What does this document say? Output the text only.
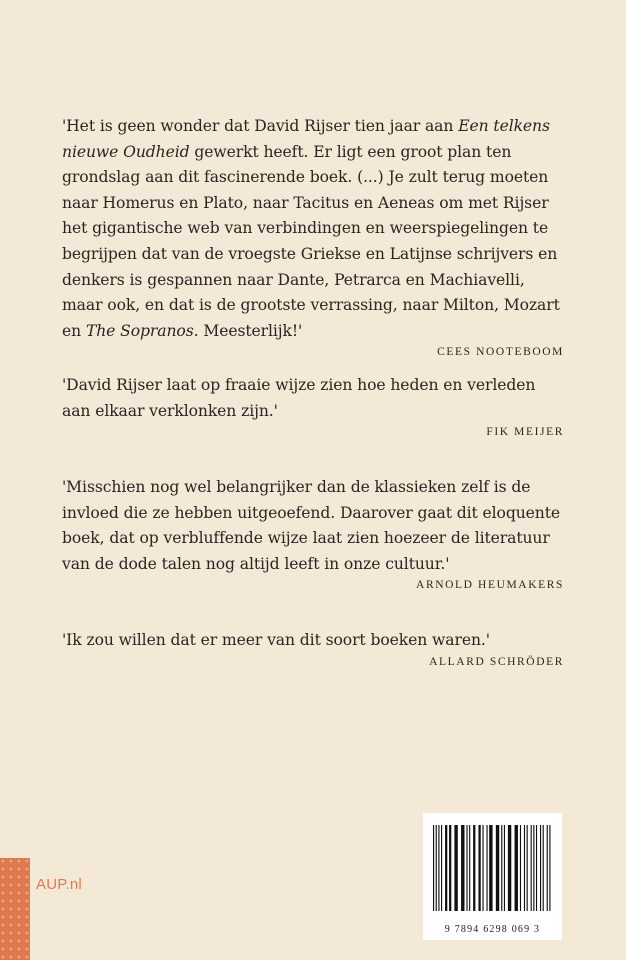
'Het is geen wonder dat David Rijser tien jaar aan Een telkens nieuwe Oudheid gewerkt heeft. Er ligt een groot plan ten grondslag aan dit fascinerende boek. (...) Je zult terug moeten naar Homerus en Plato, naar Tacitus en Aeneas om met Rijser het gigantische web van verbindingen en weerspiegelingen te begrijpen dat van de vroegste Griekse en Latijnse schrijvers en denkers is gespannen naar Dante, Petrarca en Machiavelli, maar ook, en dat is de grootste verrassing, naar Milton, Mozart en The Sopranos. Meesterlijk!'

CEES NOOTEBOOM

'David Rijser laat op fraaie wijze zien hoe heden en verleden aan elkaar verklonken zijn.'

FIK MEIJER

'Misschien nog wel belangrijker dan de klassieken zelf is de invloed die ze hebben uitgeoefend. Daarover gaat dit eloquente boek, dat op verbluffende wijze laat zien hoezeer de literatuur van de dode talen nog altijd leeft in onze cultuur.'

ARNOLD HEUMAKERS

'Ik zou willen dat er meer van dit soort boeken waren.'

ALLARD SCHRÖDER
AUP.nl
9 7894 6298 069 3
